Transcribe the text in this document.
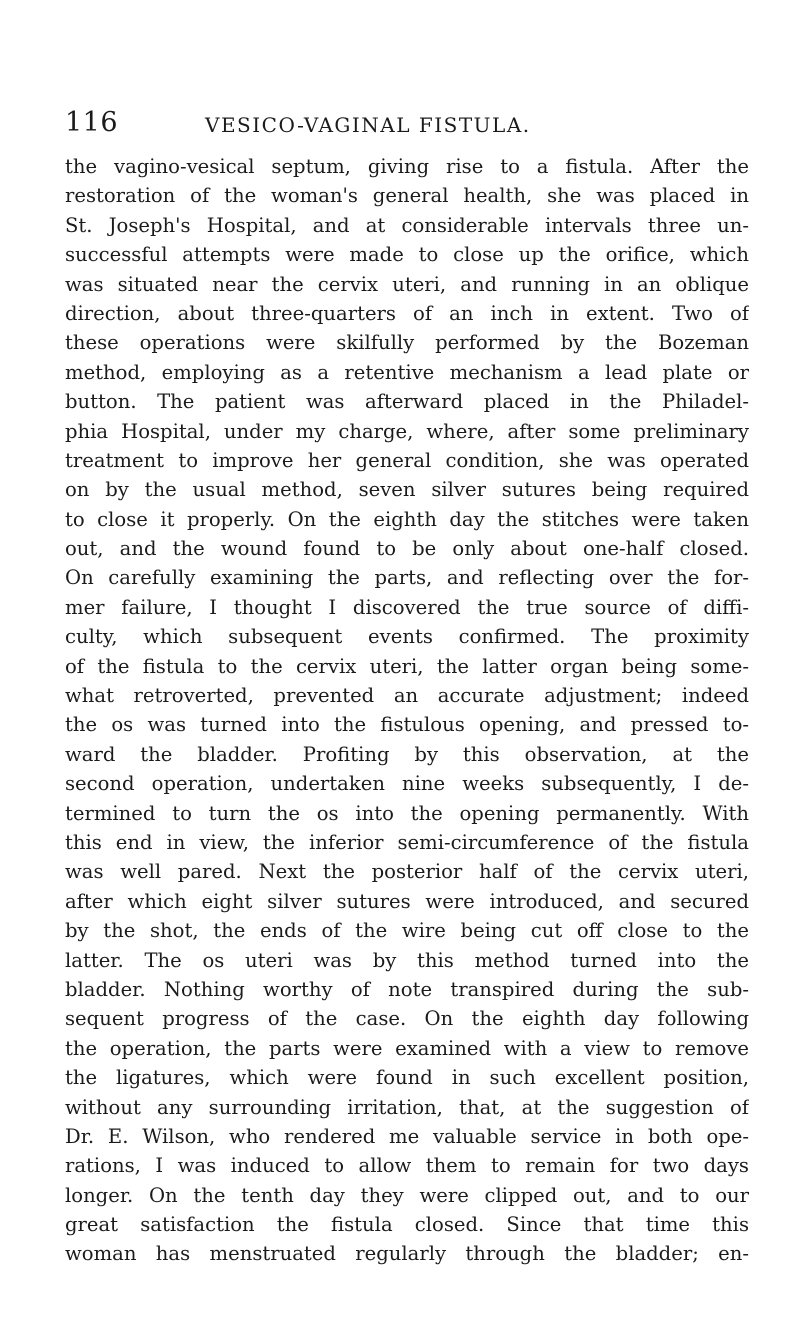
116	VESICO-VAGINAL FISTULA.
the vagino-vesical septum, giving rise to a fistula. After the
restoration of the woman's general health, she was placed in
St. Joseph's Hospital, and at considerable intervals three un-
successful attempts were made to close up the orifice, which
was situated near the cervix uteri, and running in an oblique
direction, about three-quarters of an inch in extent. Two of
these operations were skilfully performed by the Bozeman
method, employing as a retentive mechanism a lead plate or
button. The patient was afterward placed in the Philadel-
phia Hospital, under my charge, where, after some preliminary
treatment to improve her general condition, she was operated
on by the usual method, seven silver sutures being required
to close it properly. On the eighth day the stitches were taken
out, and the wound found to be only about one-half closed.
On carefully examining the parts, and reflecting over the for-
mer failure, I thought I discovered the true source of diffi-
culty, which subsequent events confirmed. The proximity
of the fistula to the cervix uteri, the latter organ being some-
what retroverted, prevented an accurate adjustment; indeed
the os was turned into the fistulous opening, and pressed to-
ward the bladder. Profiting by this observation, at the
second operation, undertaken nine weeks subsequently, I de-
termined to turn the os into the opening permanently. With
this end in view, the inferior semi-circumference of the fistula
was well pared. Next the posterior half of the cervix uteri,
after which eight silver sutures were introduced, and secured
by the shot, the ends of the wire being cut off close to the
latter. The os uteri was by this method turned into the
bladder. Nothing worthy of note transpired during the sub-
sequent progress of the case. On the eighth day following
the operation, the parts were examined with a view to remove
the ligatures, which were found in such excellent position,
without any surrounding irritation, that, at the suggestion of
Dr. E. Wilson, who rendered me valuable service in both ope-
rations, I was induced to allow them to remain for two days
longer. On the tenth day they were clipped out, and to our
great satisfaction the fistula closed. Since that time this
woman has menstruated regularly through the bladder; en-
